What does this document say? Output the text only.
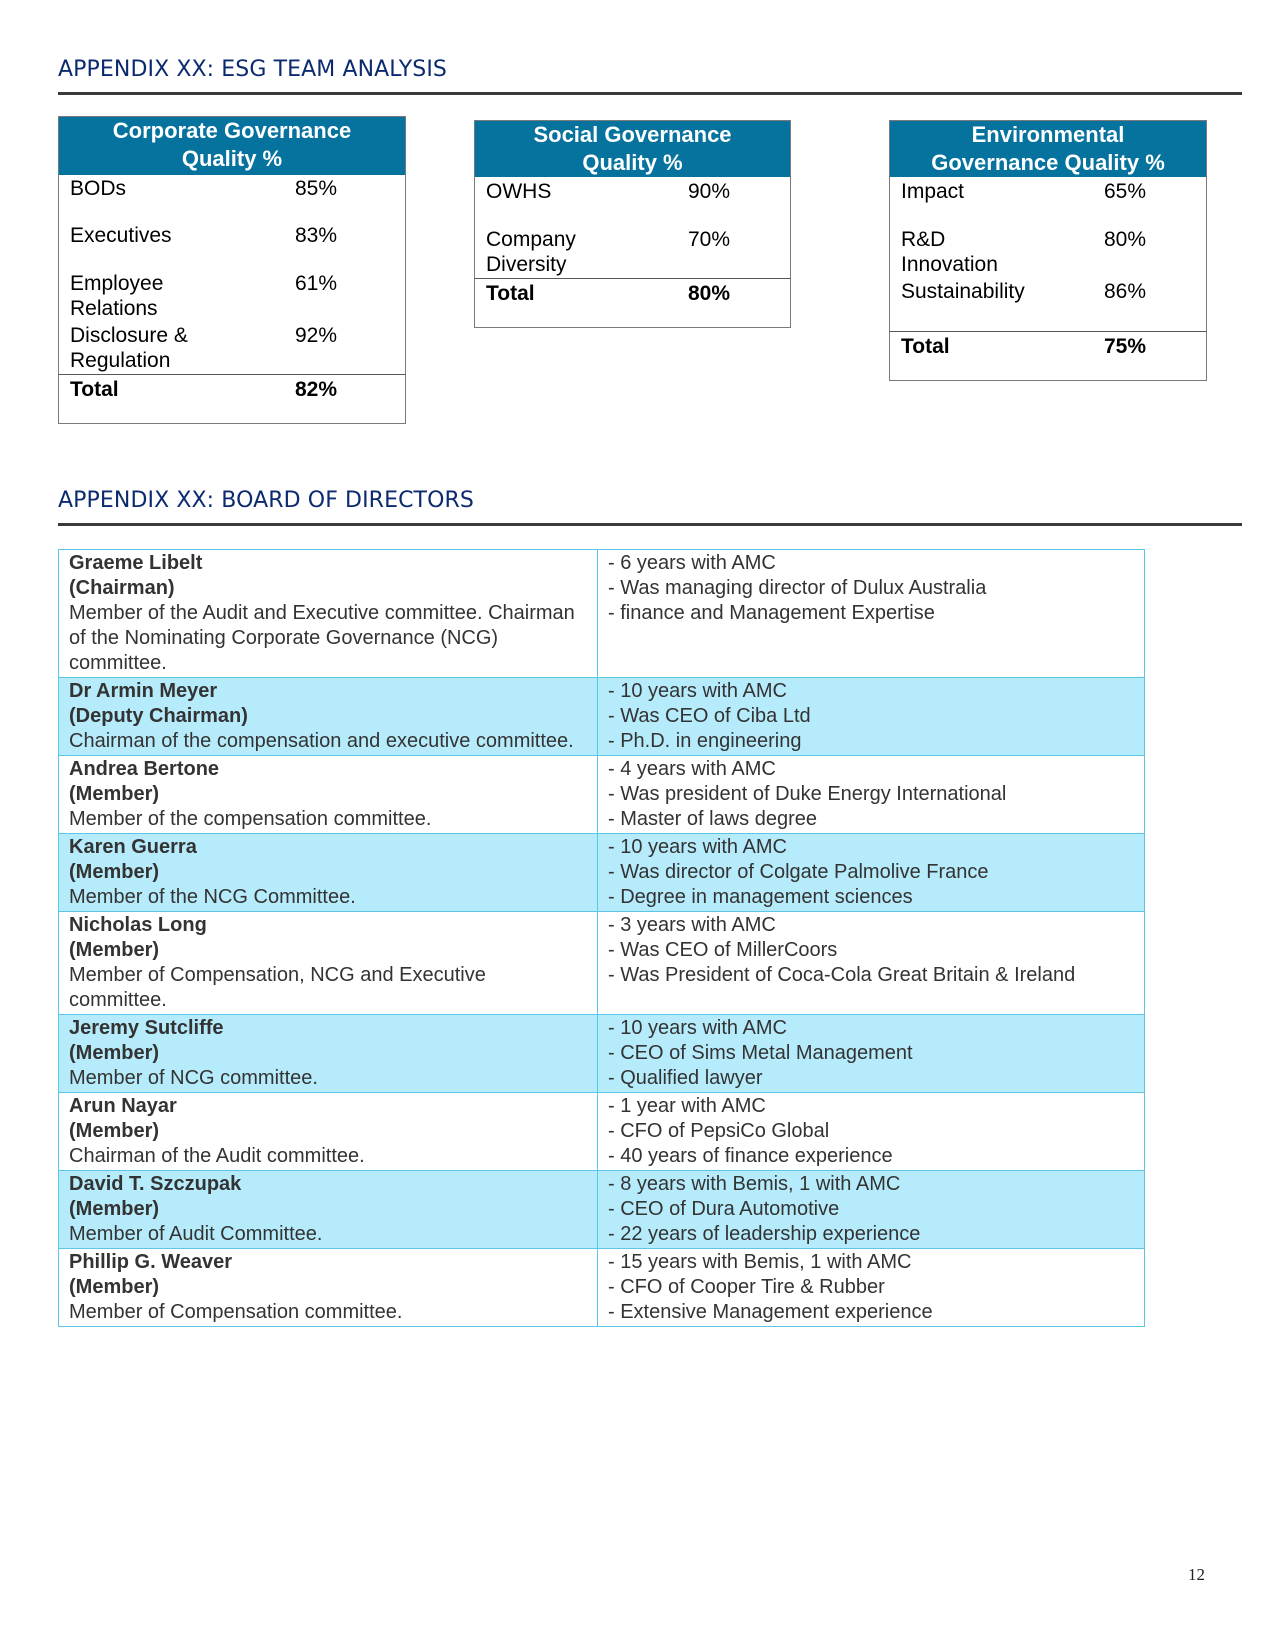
APPENDIX XX: ESG TEAM ANALYSIS
Corporate Governance Quality %
BODs	85%
Executives	83%
Employee Relations
61%
Disclosure & Regulation
92%
Total	82%
Social Governance Quality %
OWHS	90%
Company Diversity
70%
Total	80%
Environmental Governance Quality %
Impact	65%
R&D Innovation
80%
Sustainability	86%
Total	75%
APPENDIX XX: BOARD OF DIRECTORS
Graeme Libelt
(Chairman)
Member of the Audit and Executive committee. Chairman of the Nominating Corporate Governance (NCG) committee.	- 6 years with AMC
- Was managing director of Dulux Australia
- finance and Management Expertise

Dr Armin Meyer
(Deputy Chairman)
Chairman of the compensation and executive committee.	- 10 years with AMC
- Was CEO of Ciba Ltd
- Ph.D. in engineering

Andrea Bertone
(Member)
Member of the compensation committee.	- 4 years with AMC
- Was president of Duke Energy International
- Master of laws degree

Karen Guerra
(Member)
Member of the NCG Committee.	- 10 years with AMC
- Was director of Colgate Palmolive France
- Degree in management sciences

Nicholas Long
(Member)
Member of Compensation, NCG and Executive committee.	- 3 years with AMC
- Was CEO of MillerCoors
- Was President of Coca-Cola Great Britain & Ireland

Jeremy Sutcliffe
(Member)
Member of NCG committee.	- 10 years with AMC
- CEO of Sims Metal Management
- Qualified lawyer

Arun Nayar
(Member)
Chairman of the Audit committee.	- 1 year with AMC
- CFO of PepsiCo Global
- 40 years of finance experience

David T. Szczupak
(Member)
Member of Audit Committee.	- 8 years with Bemis, 1 with AMC
- CEO of Dura Automotive
- 22 years of leadership experience

Phillip G. Weaver
(Member)
Member of Compensation committee.	- 15 years with Bemis, 1 with AMC
- CFO of Cooper Tire & Rubber
- Extensive Management experience
12
